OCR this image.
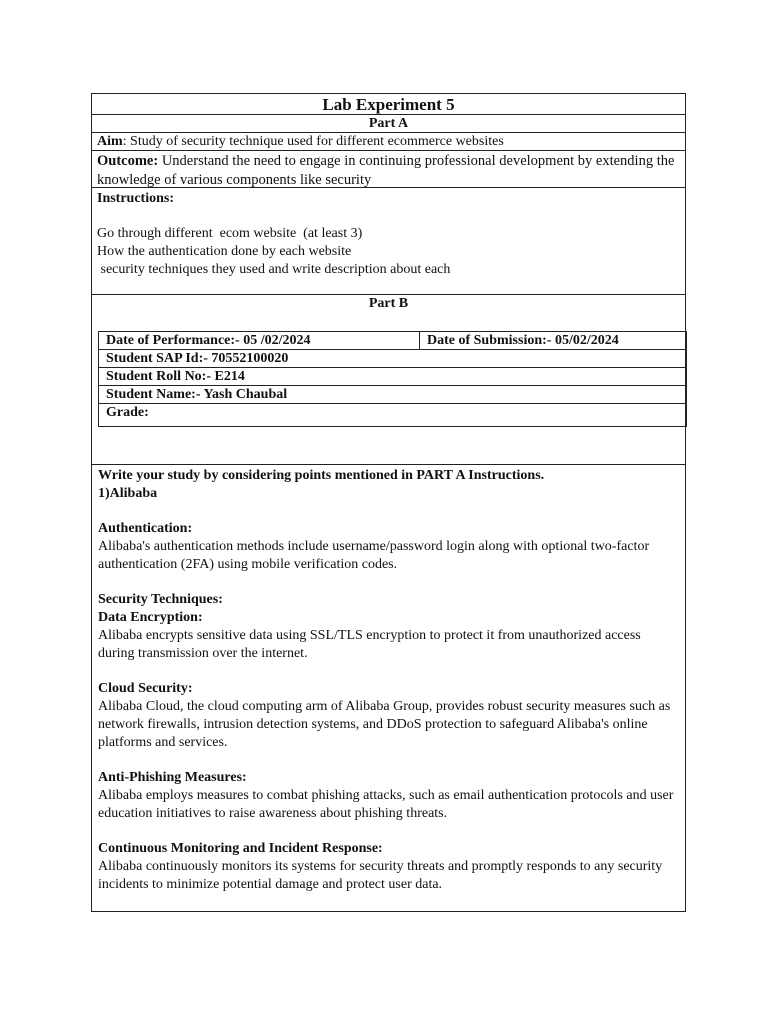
Lab Experiment 5
Part A
Aim: Study of security technique used for different ecommerce websites
Outcome: Understand the need to engage in continuing professional development by extending the knowledge of various components like security
Instructions:
Go through different  ecom website  (at least 3)
How the authentication done by each website
security techniques they used and write description about each
Part B
Date of Performance:- 05 /02/2024	Date of Submission:- 05/02/2024
Student SAP Id:- 70552100020
Student Roll No:- E214
Student Name:- Yash Chaubal
Grade:
Write your study by considering points mentioned in PART A Instructions.
1)Alibaba
Authentication:
Alibaba's authentication methods include username/password login along with optional two-factor authentication (2FA) using mobile verification codes.
Security Techniques:
Data Encryption:
Alibaba encrypts sensitive data using SSL/TLS encryption to protect it from unauthorized access during transmission over the internet.
Cloud Security:
Alibaba Cloud, the cloud computing arm of Alibaba Group, provides robust security measures such as network firewalls, intrusion detection systems, and DDoS protection to safeguard Alibaba's online platforms and services.
Anti-Phishing Measures:
Alibaba employs measures to combat phishing attacks, such as email authentication protocols and user education initiatives to raise awareness about phishing threats.
Continuous Monitoring and Incident Response:
Alibaba continuously monitors its systems for security threats and promptly responds to any security incidents to minimize potential damage and protect user data.
